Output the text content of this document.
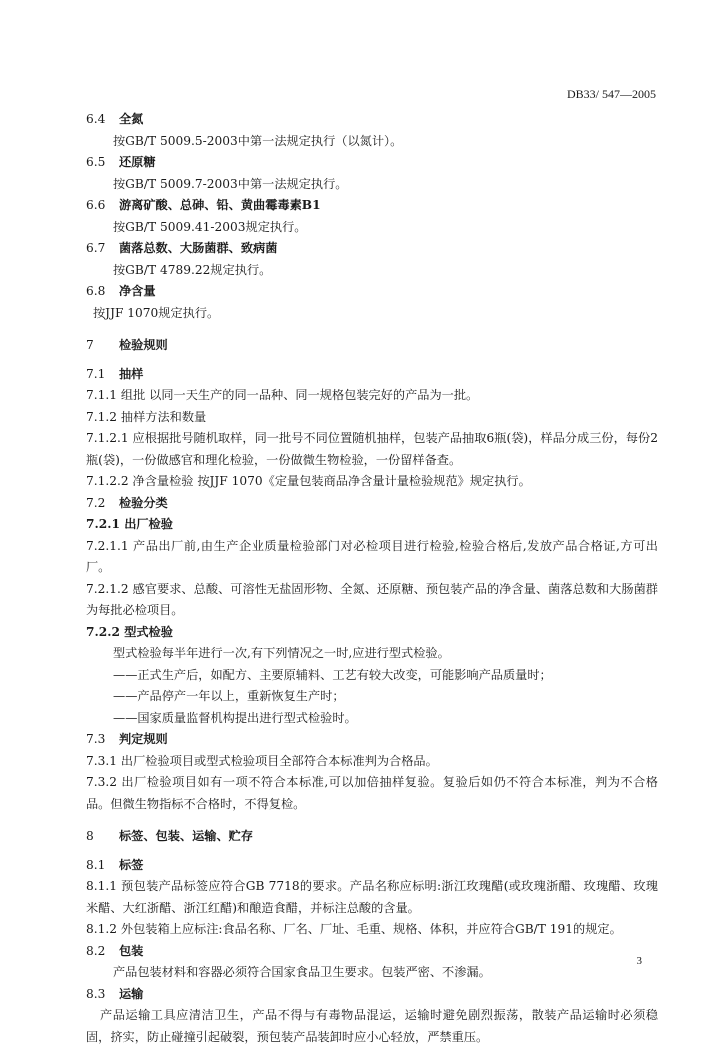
DB33/ 547—2005
6.4 全氮
按GB/T 5009.5-2003中第一法规定执行（以氮计）。
6.5 还原糖
按GB/T 5009.7-2003中第一法规定执行。
6.6 游离矿酸、总砷、铅、黄曲霉毒素B1
按GB/T 5009.41-2003规定执行。
6.7 菌落总数、大肠菌群、致病菌
按GB/T 4789.22规定执行。
6.8 净含量
按JJF 1070规定执行。
7 检验规则
7.1 抽样
7.1.1 组批 以同一天生产的同一品种、同一规格包装完好的产品为一批。
7.1.2 抽样方法和数量
7.1.2.1 应根据批号随机取样，同一批号不同位置随机抽样，包装产品抽取6瓶(袋)，样品分成三份，每份2瓶(袋)，一份做感官和理化检验，一份做微生物检验，一份留样备查。
7.1.2.2 净含量检验 按JJF 1070《定量包装商品净含量计量检验规范》规定执行。
7.2 检验分类
7.2.1 出厂检验
7.2.1.1 产品出厂前,由生产企业质量检验部门对必检项目进行检验,检验合格后,发放产品合格证,方可出厂。
7.2.1.2 感官要求、总酸、可溶性无盐固形物、全氮、还原糖、预包装产品的净含量、菌落总数和大肠菌群为每批必检项目。
7.2.2 型式检验
型式检验每半年进行一次,有下列情况之一时,应进行型式检验。
——正式生产后，如配方、主要原辅料、工艺有较大改变，可能影响产品质量时；
——产品停产一年以上，重新恢复生产时；
——国家质量监督机构提出进行型式检验时。
7.3 判定规则
7.3.1 出厂检验项目或型式检验项目全部符合本标准判为合格品。
7.3.2 出厂检验项目如有一项不符合本标准,可以加倍抽样复验。复验后如仍不符合本标准，判为不合格品。但微生物指标不合格时，不得复检。
8 标签、包装、运输、贮存
8.1 标签
8.1.1 预包装产品标签应符合GB 7718的要求。产品名称应标明:浙江玫瑰醋(或玫瑰浙醋、玫瑰醋、玫瑰米醋、大红浙醋、浙江红醋)和酿造食醋，并标注总酸的含量。
8.1.2 外包装箱上应标注:食品名称、厂名、厂址、毛重、规格、体积，并应符合GB/T 191的规定。
8.2 包装
产品包装材料和容器必须符合国家食品卫生要求。包装严密、不渗漏。
8.3 运输
产品运输工具应清洁卫生，产品不得与有毒物品混运，运输时避免剧烈振荡，散装产品运输时必须稳固，挤实，防止碰撞引起破裂，预包装产品装卸时应小心轻放，严禁重压。
3
